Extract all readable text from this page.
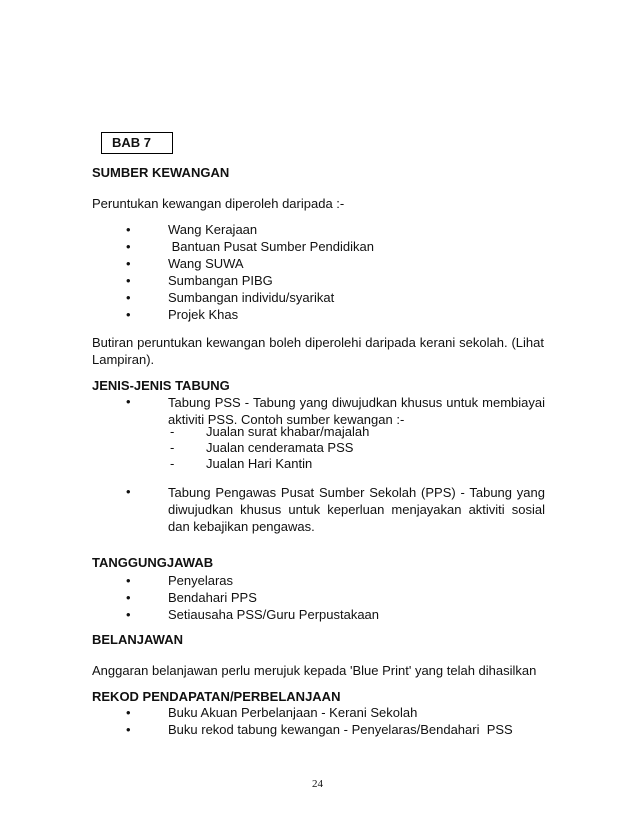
BAB 7
SUMBER KEWANGAN
Peruntukan kewangan diperoleh daripada :-
•	Wang Kerajaan
•	Bantuan Pusat Sumber Pendidikan
•	Wang SUWA
•	Sumbangan PIBG
•	Sumbangan individu/syarikat
•	Projek Khas
Butiran peruntukan kewangan boleh diperolehi daripada kerani sekolah. (Lihat Lampiran).
JENIS-JENIS TABUNG
•	Tabung PSS - Tabung yang diwujudkan khusus untuk membiayai aktiviti PSS. Contoh sumber kewangan :-
- Jualan surat khabar/majalah
- Jualan cenderamata PSS
- Jualan Hari Kantin
•	Tabung Pengawas Pusat Sumber Sekolah (PPS) - Tabung yang diwujudkan khusus untuk keperluan menjayakan aktiviti sosial dan kebajikan pengawas.
TANGGUNGJAWAB
•	Penyelaras
•	Bendahari PPS
•	Setiausaha PSS/Guru Perpustakaan
BELANJAWAN
Anggaran belanjawan perlu merujuk kepada 'Blue Print' yang telah dihasilkan
REKOD PENDAPATAN/PERBELANJAAN
•	Buku Akuan Perbelanjaan - Kerani Sekolah
•	Buku rekod tabung kewangan - Penyelaras/Bendahari  PSS
24
